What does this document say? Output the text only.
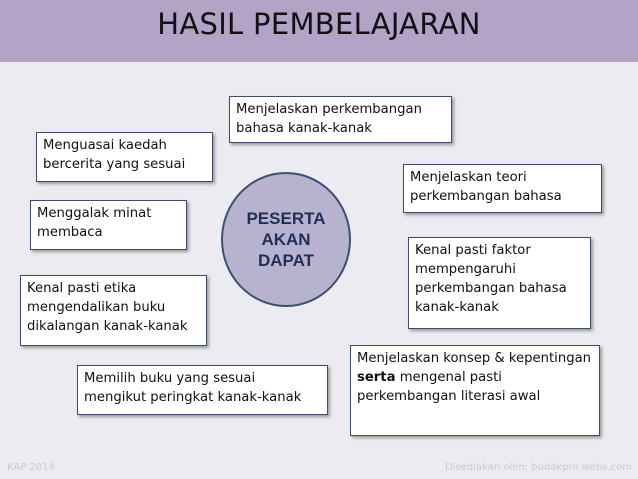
HASIL PEMBELAJARAN
PESERTA
AKAN
DAPAT
Menjelaskan perkembangan bahasa kanak-kanak
Menguasai kaedah bercerita yang sesuai
Menjelaskan teori perkembangan bahasa
Menggalak minat membaca
Kenal pasti faktor mempengaruhi perkembangan bahasa kanak-kanak
Kenal pasti etika mengendalikan buku dikalangan kanak-kanak
Menjelaskan konsep & kepentingan serta mengenal pasti perkembangan literasi awal
Memilih buku yang sesuai mengikut peringkat kanak-kanak
KAP 2014	Disediakan oleh: budakpro.webs.com
